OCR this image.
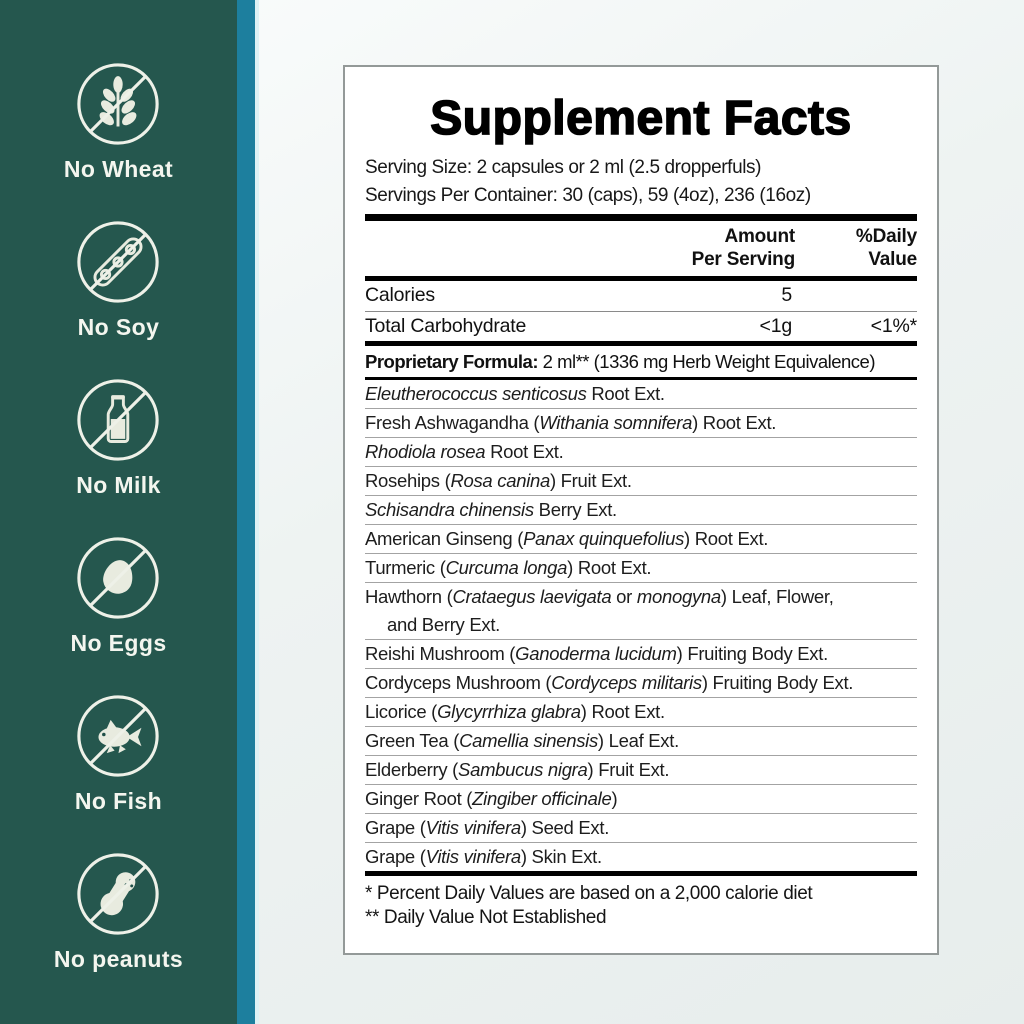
No Wheat
No Soy
No Milk
No Eggs
No Fish
No peanuts
Supplement Facts
Serving Size: 2 capsules or 2 ml (2.5 dropperfuls)
Servings Per Container: 30 (caps), 59 (4oz), 236 (16oz)
Amount
Per Serving
%Daily
Value
Calories	5
Total Carbohydrate	<1g	<1%*
Proprietary Formula: 2 ml** (1336 mg Herb Weight Equivalence)
Eleutherococcus senticosus Root Ext.
Fresh Ashwagandha (Withania somnifera) Root Ext.
Rhodiola rosea Root Ext.
Rosehips (Rosa canina) Fruit Ext.
Schisandra chinensis Berry Ext.
American Ginseng (Panax quinquefolius) Root Ext.
Turmeric (Curcuma longa) Root Ext.
Hawthorn (Crataegus laevigata or monogyna) Leaf, Flower,
and Berry Ext.
Reishi Mushroom (Ganoderma lucidum) Fruiting Body Ext.
Cordyceps Mushroom (Cordyceps militaris) Fruiting Body Ext.
Licorice (Glycyrrhiza glabra) Root Ext.
Green Tea (Camellia sinensis) Leaf Ext.
Elderberry (Sambucus nigra) Fruit Ext.
Ginger Root (Zingiber officinale)
Grape (Vitis vinifera) Seed Ext.
Grape (Vitis vinifera) Skin Ext.
* Percent Daily Values are based on a 2,000 calorie diet
** Daily Value Not Established
